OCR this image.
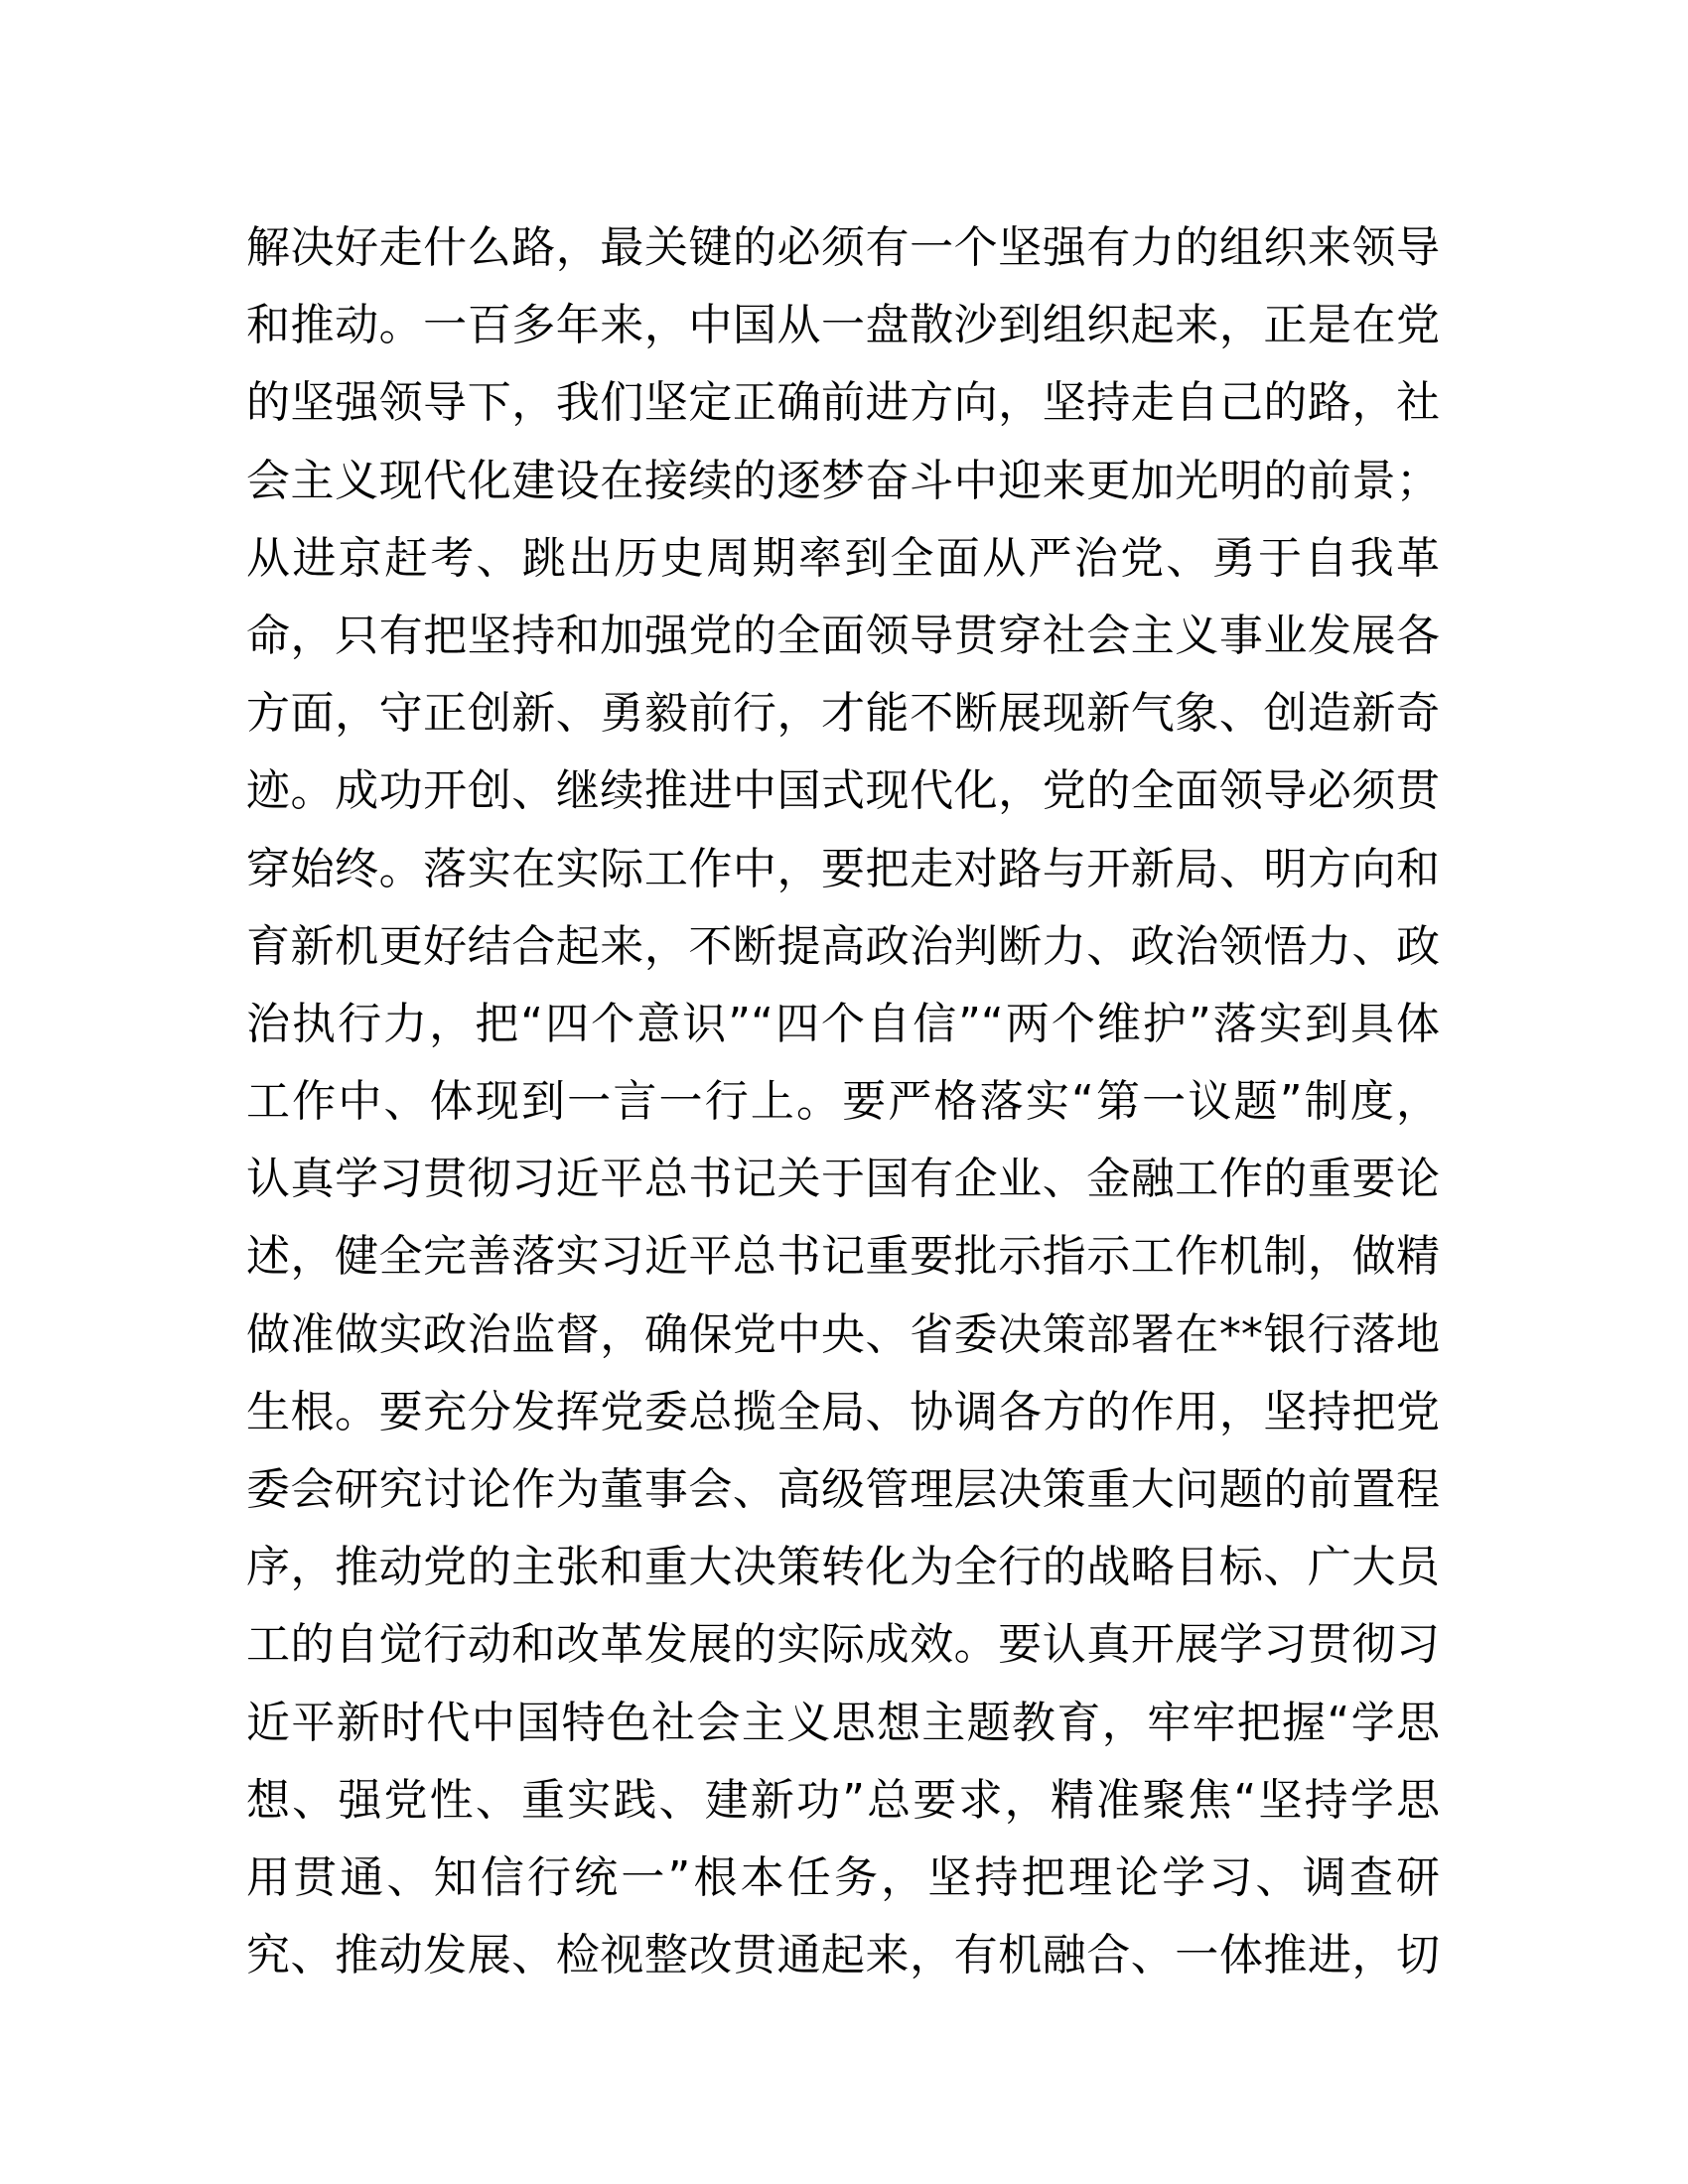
解决好走什么路，最关键的必须有一个坚强有力的组织来领导
和推动。一百多年来，中国从一盘散沙到组织起来，正是在党
的坚强领导下，我们坚定正确前进方向，坚持走自己的路，社
会主义现代化建设在接续的逐梦奋斗中迎来更加光明的前景；
从进京赶考、跳出历史周期率到全面从严治党、勇于自我革
命，只有把坚持和加强党的全面领导贯穿社会主义事业发展各
方面，守正创新、勇毅前行，才能不断展现新气象、创造新奇
迹。成功开创、继续推进中国式现代化，党的全面领导必须贯
穿始终。落实在实际工作中，要把走对路与开新局、明方向和
育新机更好结合起来，不断提高政治判断力、政治领悟力、政
治执行力，把“四个意识”“四个自信”“两个维护”落实到具体
工作中、体现到一言一行上。要严格落实“第一议题”制度，
认真学习贯彻习近平总书记关于国有企业、金融工作的重要论
述，健全完善落实习近平总书记重要批示指示工作机制，做精
做准做实政治监督，确保党中央、省委决策部署在**银行落地
生根。要充分发挥党委总揽全局、协调各方的作用，坚持把党
委会研究讨论作为董事会、高级管理层决策重大问题的前置程
序，推动党的主张和重大决策转化为全行的战略目标、广大员
工的自觉行动和改革发展的实际成效。要认真开展学习贯彻习
近平新时代中国特色社会主义思想主题教育，牢牢把握“学思
想、强党性、重实践、建新功”总要求，精准聚焦“坚持学思
用贯通、知信行统一”根本任务，坚持把理论学习、调查研
究、推动发展、检视整改贯通起来，有机融合、一体推进，切
